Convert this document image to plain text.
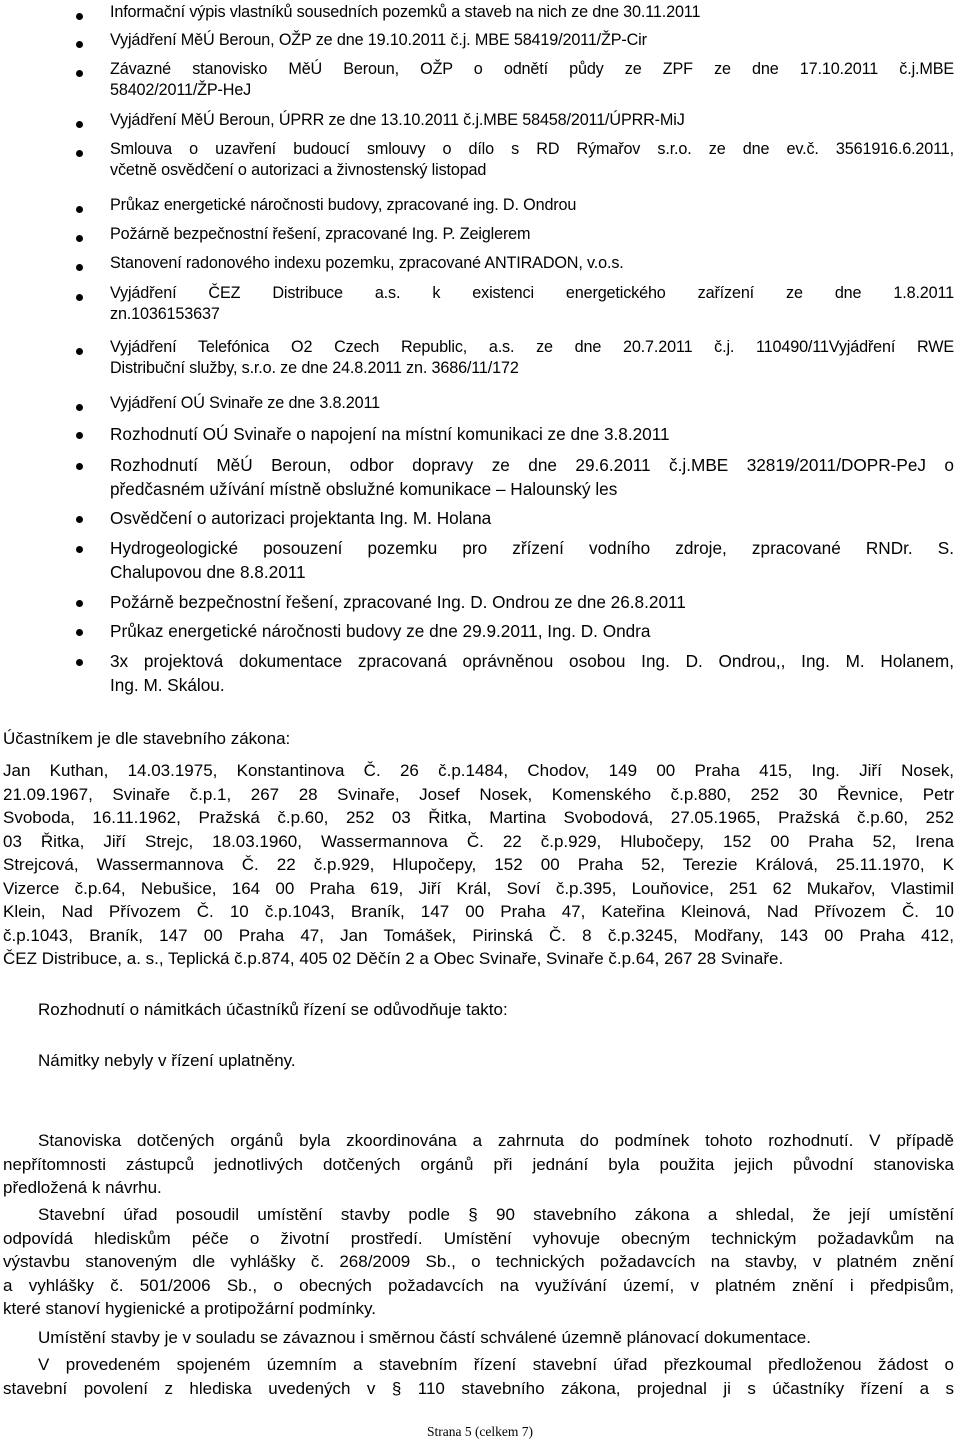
Informační výpis vlastníků sousedních pozemků a staveb na nich ze dne 30.11.2011
Vyjádření MěÚ Beroun, OŽP ze dne 19.10.2011 č.j. MBE 58419/2011/ŽP-Cir
Závazné stanovisko MěÚ Beroun, OŽP o odnětí půdy ze ZPF ze dne 17.10.2011 č.j.MBE
58402/2011/ŽP-HeJ
Vyjádření MěÚ Beroun, ÚPRR ze dne 13.10.2011 č.j.MBE 58458/2011/ÚPRR-MiJ
Smlouva o uzavření budoucí smlouvy o dílo s RD Rýmařov s.r.o. ze dne ev.č. 3561916.6.2011,
včetně osvědčení o autorizaci a živnostenský listopad
Průkaz energetické náročnosti budovy, zpracované ing. D. Ondrou
Požárně bezpečnostní řešení, zpracované Ing. P. Zeiglerem
Stanovení radonového indexu pozemku, zpracované ANTIRADON, v.o.s.
Vyjádření ČEZ Distribuce a.s. k existenci energetického zařízení ze dne 1.8.2011
zn.1036153637
Vyjádření Telefónica O2 Czech Republic, a.s. ze dne 20.7.2011 č.j. 110490/11Vyjádření RWE
Distribuční služby, s.r.o. ze dne 24.8.2011 zn. 3686/11/172
Vyjádření OÚ Svinaře ze dne 3.8.2011
Rozhodnutí OÚ Svinaře o napojení na místní komunikaci ze dne 3.8.2011
Rozhodnutí MěÚ Beroun, odbor dopravy ze dne 29.6.2011 č.j.MBE 32819/2011/DOPR-PeJ o
předčasném užívání místně obslužné komunikace – Halounský les
Osvědčení o autorizaci projektanta Ing. M. Holana
Hydrogeologické posouzení pozemku pro zřízení vodního zdroje, zpracované RNDr. S.
Chalupovou dne 8.8.2011
Požárně bezpečnostní řešení, zpracované Ing. D. Ondrou ze dne 26.8.2011
Průkaz energetické náročnosti budovy ze dne 29.9.2011, Ing. D. Ondra
3x projektová dokumentace zpracovaná oprávněnou osobou Ing. D. Ondrou,, Ing. M. Holanem,
Ing. M. Skálou.
Účastníkem je dle stavebního zákona:
Jan Kuthan, 14.03.1975, Konstantinova Č. 26 č.p.1484, Chodov, 149 00 Praha 415, Ing. Jiří Nosek,
21.09.1967, Svinaře č.p.1, 267 28 Svinaře, Josef Nosek, Komenského č.p.880, 252 30 Řevnice, Petr
Svoboda, 16.11.1962, Pražská č.p.60, 252 03 Řitka, Martina Svobodová, 27.05.1965, Pražská č.p.60, 252
03 Řitka, Jiří Strejc, 18.03.1960, Wassermannova Č. 22 č.p.929, Hlubočepy, 152 00 Praha 52, Irena
Strejcová, Wassermannova Č. 22 č.p.929, Hlupočepy, 152 00 Praha 52, Terezie Králová, 25.11.1970, K
Vizerce č.p.64, Nebušice, 164 00 Praha 619, Jiří Král, Soví č.p.395, Louňovice, 251 62 Mukařov, Vlastimil
Klein, Nad Přívozem Č. 10 č.p.1043, Braník, 147 00 Praha 47, Kateřina Kleinová, Nad Přívozem Č. 10
č.p.1043, Braník, 147 00 Praha 47, Jan Tomášek, Pirinská Č. 8 č.p.3245, Modřany, 143 00 Praha 412,
ČEZ Distribuce, a. s., Teplická č.p.874, 405 02 Děčín 2 a Obec Svinaře, Svinaře č.p.64, 267 28 Svinaře.
Rozhodnutí o námitkách účastníků řízení se odůvodňuje takto:
Námitky nebyly v řízení uplatněny.
Stanoviska dotčených orgánů byla zkoordinována a zahrnuta do podmínek tohoto rozhodnutí. V případě
nepřítomnosti zástupců jednotlivých dotčených orgánů při jednání byla použita jejich původní stanoviska
předložená k návrhu.
Stavební úřad posoudil umístění stavby podle § 90 stavebního zákona a shledal, že její umístění
odpovídá hlediskům péče o životní prostředí. Umístění vyhovuje obecným technickým požadavkům na
výstavbu stanoveným dle vyhlášky č. 268/2009 Sb., o technických požadavcích na stavby, v platném znění
a vyhlášky č. 501/2006 Sb., o obecných požadavcích na využívání území, v platném znění i předpisům,
které stanoví hygienické a protipožární podmínky.
Umístění stavby je v souladu se závaznou i směrnou částí schválené územně plánovací dokumentace.
V provedeném spojeném územním a stavebním řízení stavební úřad přezkoumal předloženou žádost o
stavební povolení z hlediska uvedených v § 110 stavebního zákona, projednal ji s účastníky řízení a s
Strana 5 (celkem 7)
